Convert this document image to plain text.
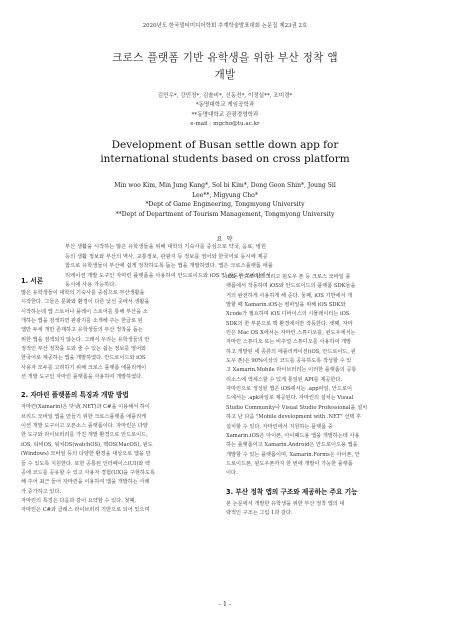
2020년도 한국멀티미디어학회 추계학술발표대회 논문집 제23권 2호
크로스 플랫폼 기반 유학생을 위한 부산 정착 앱
개발
김민우*, 강민정*, 김솔비*, 신동전*, 이정실**, 조미경*
*동명대학교 게임공학과
**동명대학교 관광경영학과
e-mail : mgcho@tu.ac.kr
Development of Busan settle down app for
international students based on cross platform
Min woo Kim, Min Jung Kang*, Sol bi Kim*, Dong Geon Shin*, Joung Sil
Lee**, Migyung Cho*
*Dept of Game Engineering, Tongmyong University
**Dept of Department of Tourism Management, Tongmyong University
요 약
부산 생활을 시작하는 많은 유학생들을 위해 대학의 기숙사를 중심으로 약국, 음료, 병원
등의 생활 정보와 부산의 역사, 교통정보, 관광지 등 정보를 영어와 한국어로 동시에 제공
함으로 유학생들이 부산에 쉽게 정착하도록 돕는 앱을 개발하였다. 앱은 크로스플랫폼 애플
리케이션 개발 도구인 자마린 플랫폼을 사용하여 안드로이드와 iOS 및 윈도우 모바일에서
동시에 사용 가능하다.
1. 서론
많은 유학생들이 대학의 기숙사를 중심으로 부산생활을
시작한다. 그들은 문화와 환경이 다른 낯선 곳에서 생활을
시작하는데 앱 스토어나 플레이 스토어를 통해 부산을 소
개하는 앱을 검색하면 관광지를 소개해 주는 한글로 된
앱만 두세 개만 존재하고 유학생들의 부산 정착을 돕는
위한 앱을 검색되지 않는다. 그래서 우리는 유학생들의 안
정적인 부산 정착을 도와 줄 수 있는 쉽는 정보를 영어와
한국어로 제공하는 앱을 개발하였다. 안드로이드와 iOS
사용자 모두를 고려하기 위해 크로스 플랫폼 애플리케이
션 개발 도구인 자마린 플랫폼을 사용하여 개발하였다.
2. 자마린 플랫폼의 특징과 개발 방법
자마린(Xamarin)은 닷넷(.NET)과 C#을 이용해서 하이
브리드 모바일 앱을 만들기 위한 크로스플랫폼 애플리케
이션 개발 도구이고 오픈소스 플랫폼이다. 자마린은 다양
한 도구와 라이브러리를 가진 개발 환경으로 안드로이드,
iOS, 티비OS, 워치OS(watchOS), 맥OS(MacOS), 윈도
(Windows) 모바일 등의 다양한 환경을 대상으로 앱을 만
들 수 있도록 지원한다. 또한 공통된 인터페이스(UI)와 백
공에 코드를 공유할 수 있고 사용자 경험(UX)을 구현하도록
해 주어 최근 들어 자마린을 이용하여 앱을 개발하는 사례
가 증가하고 있다.
자마린의 특징은 다음과 같이 요약할 수 있다. 첫째,
자마린은 C#과 클래스 라이브러리 기반으로 되어 있으며
iOS, 안드로이드 그리고 윈도우 폰 등 크로스 모바일 플
랫폼에서 작동하며 iOS와 안드로이드의 플랫폼 SDK들을
거의 완전하게 사용하게 해 준다. 둘째, iOS 기반에서 개
발할 때 Xamarin.iOS는 컴파일을 위해 iOS SDK와
Xcode가 필요하며 iOS 디바이스의 시뮬레이터는 iOS
SDK의 한 부분으로 맥 환경에서만 작동한다. 셋째, 자마
린은 Mac OS X에서는 자마린 스튜디오를, 윈도우에서는
자마린 스튜디오 또는 비주얼 스튜디오를 사용하여 개발
하고 개발된 세 종류의 애플리케이션(iOS, 안드로이드, 윈
도우 폰)은 90%이상의 코드를 공유하도록 작성할 수 있
고 Xamarin.Mobile 라이브러리는 이러한 플랫폼의 공통
리소스에 액세스할 수 있게 통일된 API를 제공한다.
자마린으로 생성된 앱은 iOS에서는 .app파일, 안드로이
드에서는 .apk파일로 제공된다. 자마린의 설치는 Visual
Studio Community나 Visual Studio Professional을 설치
하고 난 다음 "Mobile development with .NET" 선택 후
설치할 수 있다. 자마린에서 지원하는 플랫폼 중
Xamarin.iOS은 아이폰, 아이패드용 앱을 개발하는데 사용
하는 플랫폼이고 Xamarin.Android은 안드로이드용 앱을
개발할 수 있는 플랫폼이며, Xamarin.Forms은 아이폰, 안
드로이드폰, 윈도우폰까지 한 번에 개발이 가능한 플랫폼
이다.
3. 부산 정착 앱의 구조와 제공하는 주요 기능
본 논문에서 개발한 유학생을 위한 부산 정착 앱의 대
략적인 구조는 그림 1과 같다.
- 1 -
